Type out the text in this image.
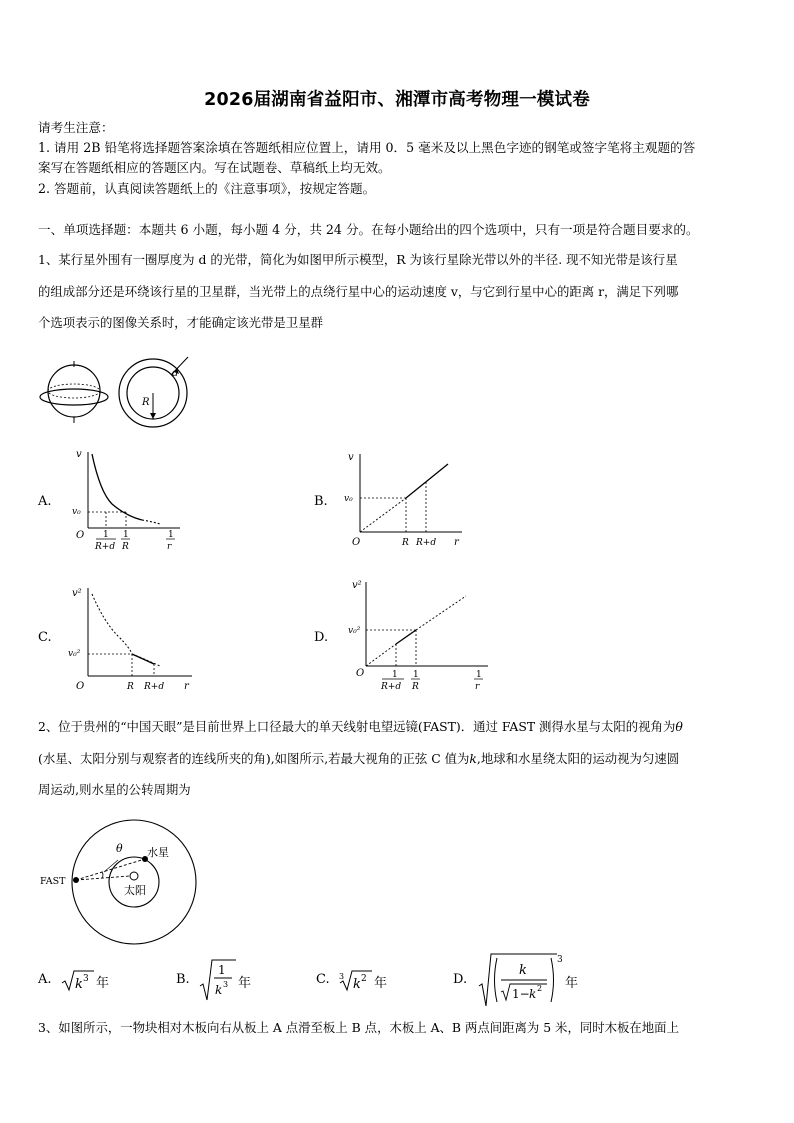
2026届湖南省益阳市、湘潭市高考物理一模试卷
请考生注意：
1. 请用 2B 铅笔将选择题答案涂填在答题纸相应位置上，请用 0．5 毫米及以上黑色字迹的钢笔或签字笔将主观题的答
案写在答题纸相应的答题区内。写在试题卷、草稿纸上均无效。
2. 答题前，认真阅读答题纸上的《注意事项》，按规定答题。
一、单项选择题：本题共 6 小题，每小题 4 分，共 24 分。在每小题给出的四个选项中，只有一项是符合题目要求的。
1、某行星外围有一圈厚度为 d 的光带，简化为如图甲所示模型，R 为该行星除光带以外的半径. 现不知光带是该行星
的组成部分还是环绕该行星的卫星群，当光带上的点绕行星中心的运动速度 v，与它到行星中心的距离 r，满足下列哪
个选项表示的图像关系时，才能确定该光带是卫星群
R
d
A.
v
v₀
O 1
R+d
1
R
1
r
B.
v
v₀
O	R R+d r
C.
v²
v₀²
O	R R+d r
D.
v²
v₀²
O	1
R+d
1
R
1
r
2、位于贵州的“中国天眼”是目前世界上口径最大的单天线射电望远镜(FAST)．通过 FAST 测得水星与太阳的视角为θ
(水星、太阳分别与观察者的连线所夹的角),如图所示,若最大视角的正弦 C 值为k,地球和水星绕太阳的运动视为匀速圆
周运动,则水星的公转周期为
FAST
水星
太阳
θ
A. k 3 年	B.
1
k 3 年	C. 3
k 2 年	D.
3
k
1− k 2 年
3、如图所示，一物块相对木板向右从板上 A 点滑至板上 B 点，木板上 A、B 两点间距离为 5 米，同时木板在地面上
